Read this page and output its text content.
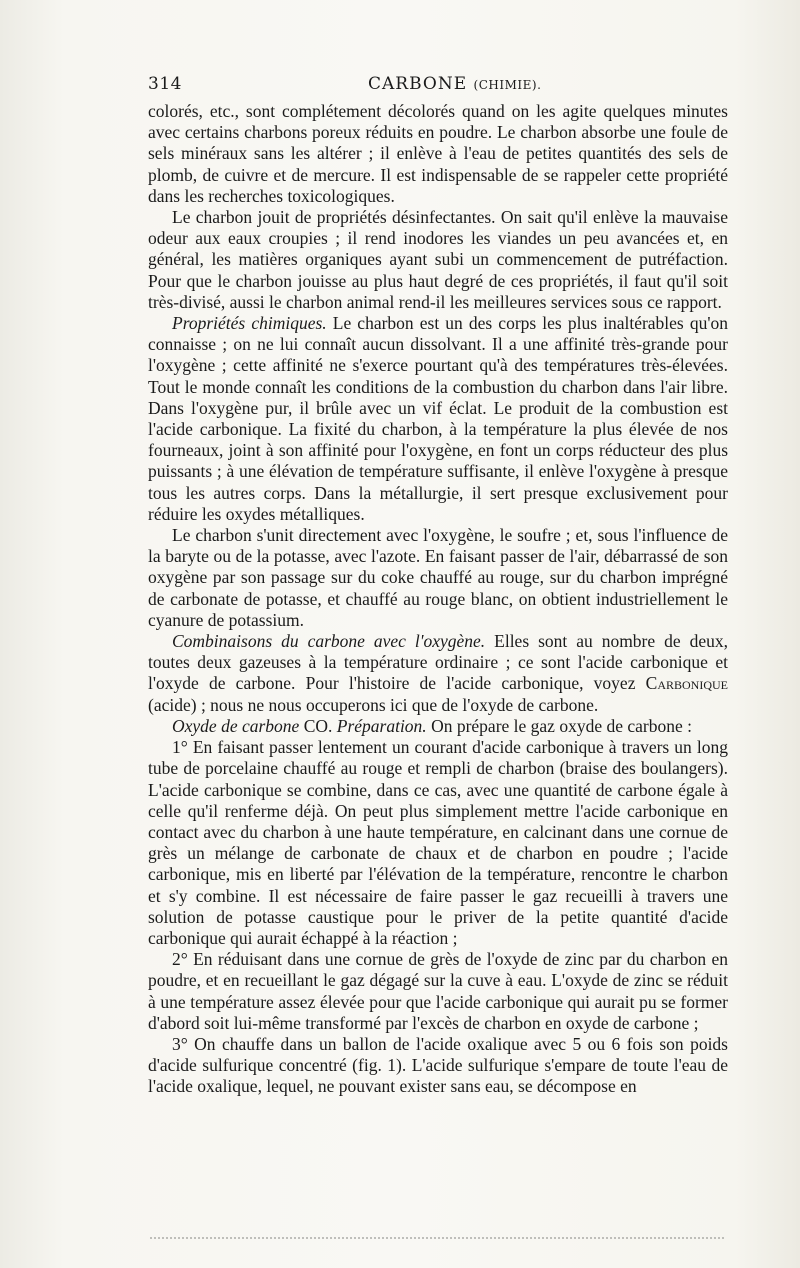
314	CARBONE (CHIMIE).

colorés, etc., sont complétement décolorés quand on les agite quelques minutes avec certains charbons poreux réduits en poudre. Le charbon absorbe une foule de sels minéraux sans les altérer ; il enlève à l'eau de petites quantités des sels de plomb, de cuivre et de mercure. Il est indispensable de se rappeler cette propriété dans les recherches toxicologiques.

Le charbon jouit de propriétés désinfectantes. On sait qu'il enlève la mauvaise odeur aux eaux croupies ; il rend inodores les viandes un peu avancées et, en général, les matières organiques ayant subi un commencement de putréfaction. Pour que le charbon jouisse au plus haut degré de ces propriétés, il faut qu'il soit très-divisé, aussi le charbon animal rend-il les meilleures services sous ce rapport.

Propriétés chimiques. Le charbon est un des corps les plus inaltérables qu'on connaisse ; on ne lui connaît aucun dissolvant. Il a une affinité très-grande pour l'oxygène ; cette affinité ne s'exerce pourtant qu'à des températures très-élevées. Tout le monde connaît les conditions de la combustion du charbon dans l'air libre. Dans l'oxygène pur, il brûle avec un vif éclat. Le produit de la combustion est l'acide carbonique. La fixité du charbon, à la température la plus élevée de nos fourneaux, joint à son affinité pour l'oxygène, en font un corps réducteur des plus puissants ; à une élévation de température suffisante, il enlève l'oxygène à presque tous les autres corps. Dans la métallurgie, il sert presque exclusivement pour réduire les oxydes métalliques.

Le charbon s'unit directement avec l'oxygène, le soufre ; et, sous l'influence de la baryte ou de la potasse, avec l'azote. En faisant passer de l'air, débarrassé de son oxygène par son passage sur du coke chauffé au rouge, sur du charbon imprégné de carbonate de potasse, et chauffé au rouge blanc, on obtient industriellement le cyanure de potassium.

Combinaisons du carbone avec l'oxygène. Elles sont au nombre de deux, toutes deux gazeuses à la température ordinaire ; ce sont l'acide carbonique et l'oxyde de carbone. Pour l'histoire de l'acide carbonique, voyez Carbonique (acide) ; nous ne nous occuperons ici que de l'oxyde de carbone.

Oxyde de carbone CO. Préparation. On prépare le gaz oxyde de carbone :

1° En faisant passer lentement un courant d'acide carbonique à travers un long tube de porcelaine chauffé au rouge et rempli de charbon (braise des boulangers). L'acide carbonique se combine, dans ce cas, avec une quantité de carbone égale à celle qu'il renferme déjà. On peut plus simplement mettre l'acide carbonique en contact avec du charbon à une haute température, en calcinant dans une cornue de grès un mélange de carbonate de chaux et de charbon en poudre ; l'acide carbonique, mis en liberté par l'élévation de la température, rencontre le charbon et s'y combine. Il est nécessaire de faire passer le gaz recueilli à travers une solution de potasse caustique pour le priver de la petite quantité d'acide carbonique qui aurait échappé à la réaction ;

2° En réduisant dans une cornue de grès de l'oxyde de zinc par du charbon en poudre, et en recueillant le gaz dégagé sur la cuve à eau. L'oxyde de zinc se réduit à une température assez élevée pour que l'acide carbonique qui aurait pu se former d'abord soit lui-même transformé par l'excès de charbon en oxyde de carbone ;

3° On chauffe dans un ballon de l'acide oxalique avec 5 ou 6 fois son poids d'acide sulfurique concentré (fig. 1). L'acide sulfurique s'empare de toute l'eau de l'acide oxalique, lequel, ne pouvant exister sans eau, se décompose en
